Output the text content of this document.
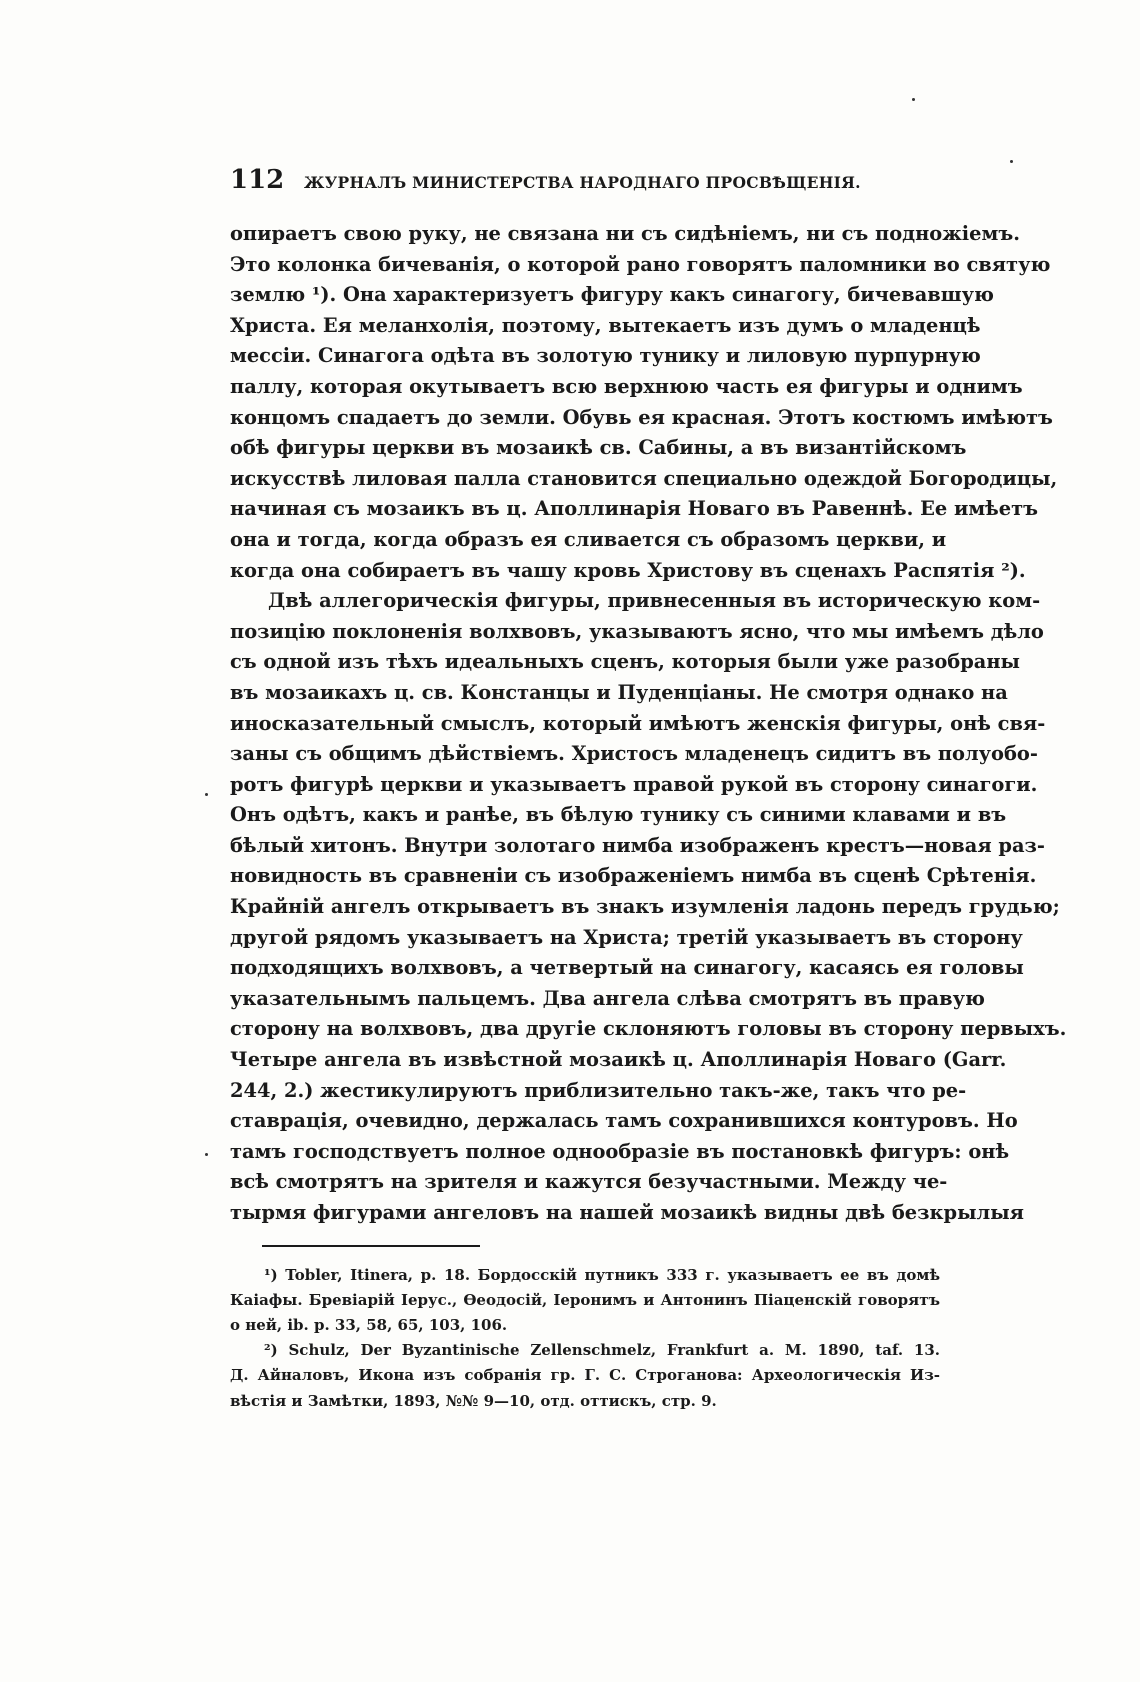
112	ЖУРНАЛЪ МИНИСТЕРСТВА НАРОДНАГО ПРОСВѢЩЕНІЯ.
опираетъ свою руку, не связана ни съ сидѣніемъ, ни съ подножіемъ.
Это колонка бичеванія, о которой рано говорятъ паломники во святую
землю ¹). Она характеризуетъ фигуру какъ синагогу, бичевавшую
Христа. Ея меланхолія, поэтому, вытекаетъ изъ думъ о младенцѣ
мессіи. Синагога одѣта въ золотую тунику и лиловую пурпурную
паллу, которая окутываетъ всю верхнюю часть ея фигуры и однимъ
концомъ спадаетъ до земли. Обувь ея красная. Этотъ костюмъ имѣютъ
обѣ фигуры церкви въ мозаикѣ св. Сабины, а въ византійскомъ
искусствѣ лиловая палла становится специально одеждой Богородицы,
начиная съ мозаикъ въ ц. Аполлинарія Новаго въ Равеннѣ. Ее имѣетъ
она и тогда, когда образъ ея сливается съ образомъ церкви, и
когда она собираетъ въ чашу кровь Христову въ сценахъ Распятія ²).
Двѣ аллегорическія фигуры, привнесенныя въ историческую ком-
позицію поклоненія волхвовъ, указываютъ ясно, что мы имѣемъ дѣло
съ одной изъ тѣхъ идеальныхъ сценъ, которыя были уже разобраны
въ мозаикахъ ц. св. Констанцы и Пуденціаны. Не смотря однако на
иносказательный смыслъ, который имѣютъ женскія фигуры, онѣ свя-
заны съ общимъ дѣйствіемъ. Христосъ младенецъ сидитъ въ полуобо-
ротъ фигурѣ церкви и указываетъ правой рукой въ сторону синагоги.
Онъ одѣтъ, какъ и ранѣе, въ бѣлую тунику съ синими клавами и въ
бѣлый хитонъ. Внутри золотаго нимба изображенъ крестъ—новая раз-
новидность въ сравненіи съ изображеніемъ нимба въ сценѣ Срѣтенія.
Крайній ангелъ открываетъ въ знакъ изумленія ладонь передъ грудью;
другой рядомъ указываетъ на Христа; третій указываетъ въ сторону
подходящихъ волхвовъ, а четвертый на синагогу, касаясь ея головы
указательнымъ пальцемъ. Два ангела слѣва смотрятъ въ правую
сторону на волхвовъ, два другіе склоняютъ головы въ сторону первыхъ.
Четыре ангела въ извѣстной мозаикѣ ц. Аполлинарія Новаго (Garr.
244, 2.) жестикулируютъ приблизительно такъ-же, такъ что ре-
ставрація, очевидно, держалась тамъ сохранившихся контуровъ. Но
тамъ господствуетъ полное однообразіе въ постановкѣ фигуръ: онѣ
всѣ смотрятъ на зрителя и кажутся безучастными. Между че-
тырмя фигурами ангеловъ на нашей мозаикѣ видны двѣ безкрылыя
¹) Tobler, Itinera, p. 18. Бордосскій путникъ 333 г. указываетъ ее въ домѣ
Каіафы. Бревіарій Іерус., Ѳеодосій, Іеронимъ и Антонинъ Піаценскій говорятъ
о ней, ib. p. 33, 58, 65, 103, 106.
²) Schulz, Der Byzantinische Zellenschmelz, Frankfurt a. M. 1890, taf. 13.
Д. Айналовъ, Икона изъ собранія гр. Г. С. Строганова: Археологическія Из-
вѣстія и Замѣтки, 1893, №№ 9—10, отд. оттискъ, стр. 9.
